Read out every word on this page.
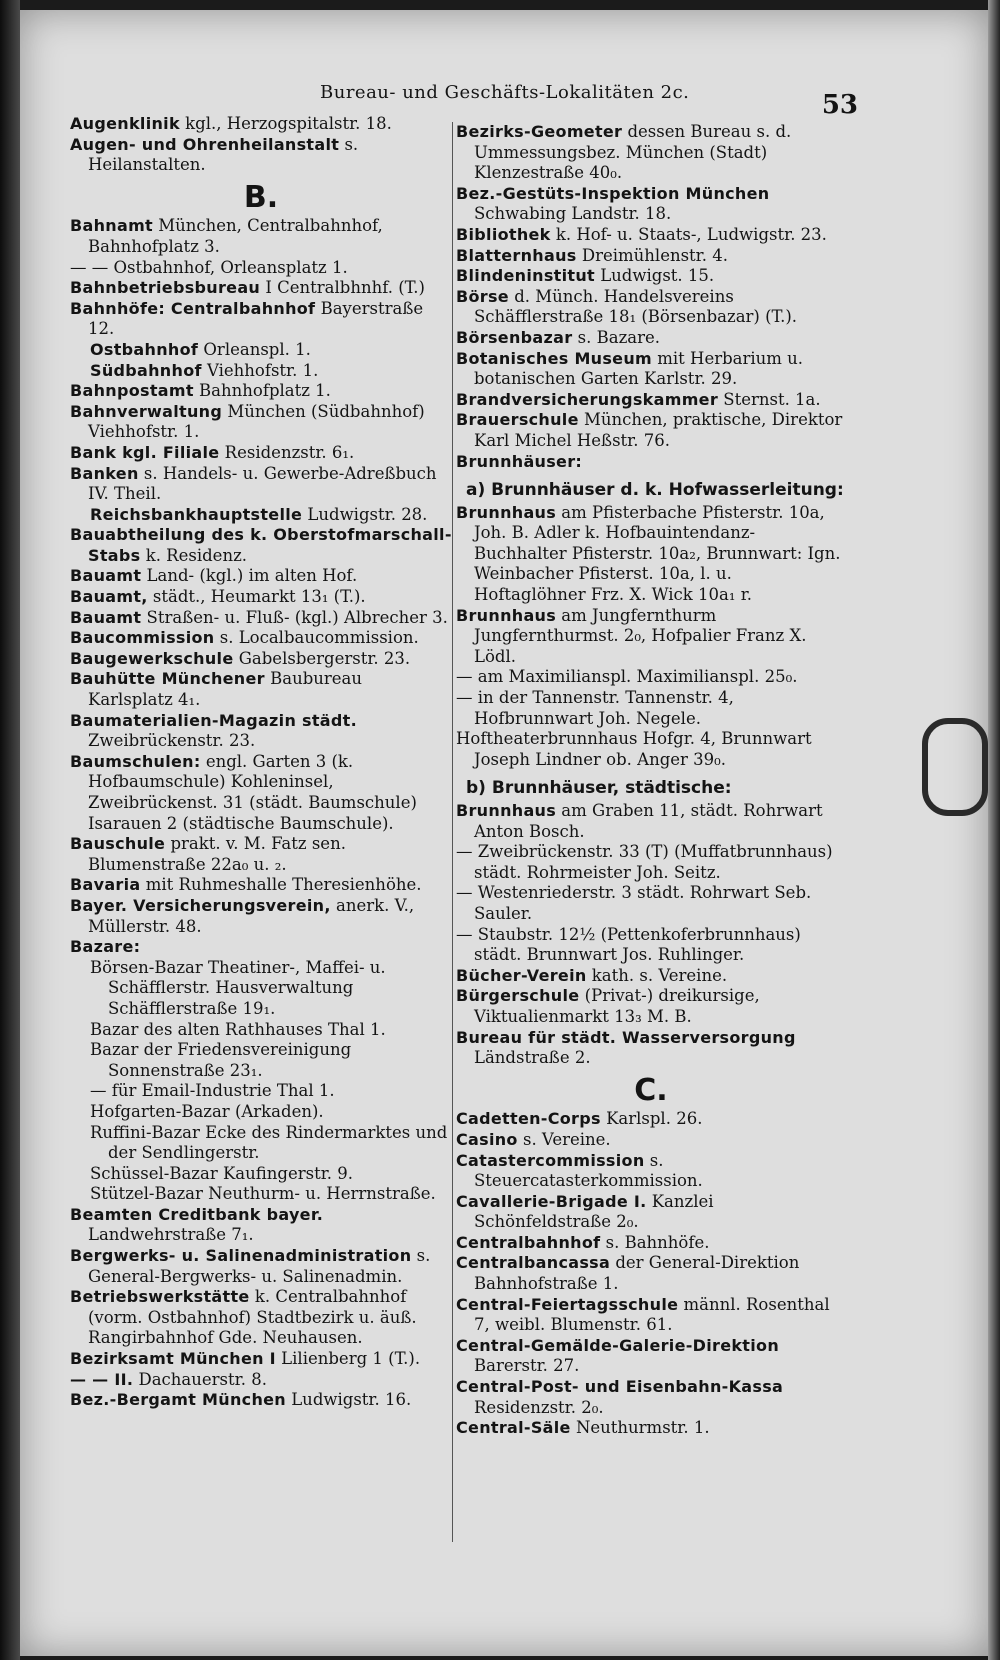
Bureau- und Geschäfts-Lokalitäten 2c.	53
Augenklinik kgl., Herzogspitalstr. 18.
Augen- und Ohrenheilanstalt s. Heilanstalten.
B.
Bahnamt München, Centralbahnhof, Bahnhofplatz 3.
— — Ostbahnhof, Orleansplatz 1.
Bahnbetriebsbureau I Centralbhnhf. (T.)
Bahnhöfe: Centralbahnhof Bayerstraße 12.
Ostbahnhof Orleanspl. 1.
Südbahnhof Viehhofstr. 1.
Bahnpostamt Bahnhofplatz 1.
Bahnverwaltung München (Südbahnhof) Viehhofstr. 1.
Bank kgl. Filiale Residenzstr. 6₁.
Banken s. Handels- u. Gewerbe-Adreßbuch IV. Theil.
Reichsbankhauptstelle Ludwigstr. 28.
Bauabtheilung des k. Oberstofmarschall-Stabs k. Residenz.
Bauamt Land- (kgl.) im alten Hof.
Bauamt, städt., Heumarkt 13₁ (T.).
Bauamt Straßen- u. Fluß- (kgl.) Albrecher 3.
Baucommission s. Localbaucommission.
Baugewerkschule Gabelsbergerstr. 23.
Bauhütte Münchener Baubureau Karlsplatz 4₁.
Baumaterialien-Magazin städt. Zweibrückenstr. 23.
Baumschulen: engl. Garten 3 (k. Hofbaumschule) Kohleninsel, Zweibrückenst. 31 (städt. Baumschule) Isarauen 2 (städtische Baumschule).
Bauschule prakt. v. M. Fatz sen. Blumenstraße 22a₀ u. ₂.
Bavaria mit Ruhmeshalle Theresienhöhe.
Bayer. Versicherungsverein, anerk. V., Müllerstr. 48.
Bazare:
Börsen-Bazar Theatiner-, Maffei- u. Schäfflerstr. Hausverwaltung Schäfflerstraße 19₁.
Bazar des alten Rathhauses Thal 1.
Bazar der Friedensvereinigung Sonnenstraße 23₁.
— für Email-Industrie Thal 1.
Hofgarten-Bazar (Arkaden).
Ruffini-Bazar Ecke des Rindermarktes und der Sendlingerstr.
Schüssel-Bazar Kaufingerstr. 9.
Stützel-Bazar Neuthurm- u. Herrnstraße.
Beamten Creditbank bayer. Landwehrstraße 7₁.
Bergwerks- u. Salinenadministration s. General-Bergwerks- u. Salinenadmin.
Betriebswerkstätte k. Centralbahnhof (vorm. Ostbahnhof) Stadtbezirk u. äuß. Rangirbahnhof Gde. Neuhausen.
Bezirksamt München I Lilienberg 1 (T.).
— — II. Dachauerstr. 8.
Bez.-Bergamt München Ludwigstr. 16.
Bezirks-Geometer dessen Bureau s. d. Ummessungsbez. München (Stadt) Klenzestraße 40₀.
Bez.-Gestüts-Inspektion München Schwabing Landstr. 18.
Bibliothek k. Hof- u. Staats-, Ludwigstr. 23.
Blatternhaus Dreimühlenstr. 4.
Blindeninstitut Ludwigst. 15.
Börse d. Münch. Handelsvereins Schäfflerstraße 18₁ (Börsenbazar) (T.).
Börsenbazar s. Bazare.
Botanisches Museum mit Herbarium u. botanischen Garten Karlstr. 29.
Brandversicherungskammer Sternst. 1a.
Brauerschule München, praktische, Direktor Karl Michel Heßstr. 76.
Brunnhäuser:
a) Brunnhäuser d. k. Hofwasserleitung:
Brunnhaus am Pfisterbache Pfisterstr. 10a, Joh. B. Adler k. Hofbauintendanz-Buchhalter Pfisterstr. 10a₂, Brunnwart: Ign. Weinbacher Pfisterst. 10a, l. u. Hoftaglöhner Frz. X. Wick 10a₁ r.
Brunnhaus am Jungfernthurm Jungfernthurmst. 2₀, Hofpalier Franz X. Lödl.
— am Maximilianspl. Maximilianspl. 25₀.
— in der Tannenstr. Tannenstr. 4, Hofbrunnwart Joh. Negele.
Hoftheaterbrunnhaus Hofgr. 4, Brunnwart Joseph Lindner ob. Anger 39₀.
b) Brunnhäuser, städtische:
Brunnhaus am Graben 11, städt. Rohrwart Anton Bosch.
— Zweibrückenstr. 33 (T) (Muffatbrunnhaus) städt. Rohrmeister Joh. Seitz.
— Westenriederstr. 3 städt. Rohrwart Seb. Sauler.
— Staubstr. 12½ (Pettenkoferbrunnhaus) städt. Brunnwart Jos. Ruhlinger.
Bücher-Verein kath. s. Vereine.
Bürgerschule (Privat-) dreikursige, Viktualienmarkt 13₃ M. B.
Bureau für städt. Wasserversorgung Ländstraße 2.
C.
Cadetten-Corps Karlspl. 26.
Casino s. Vereine.
Catastercommission s. Steuercatasterkommission.
Cavallerie-Brigade I. Kanzlei Schönfeldstraße 2₀.
Centralbahnhof s. Bahnhöfe.
Centralbancassa der General-Direktion Bahnhofstraße 1.
Central-Feiertagsschule männl. Rosenthal 7, weibl. Blumenstr. 61.
Central-Gemälde-Galerie-Direktion Barerstr. 27.
Central-Post- und Eisenbahn-Kassa Residenzstr. 2₀.
Central-Säle Neuthurmstr. 1.
